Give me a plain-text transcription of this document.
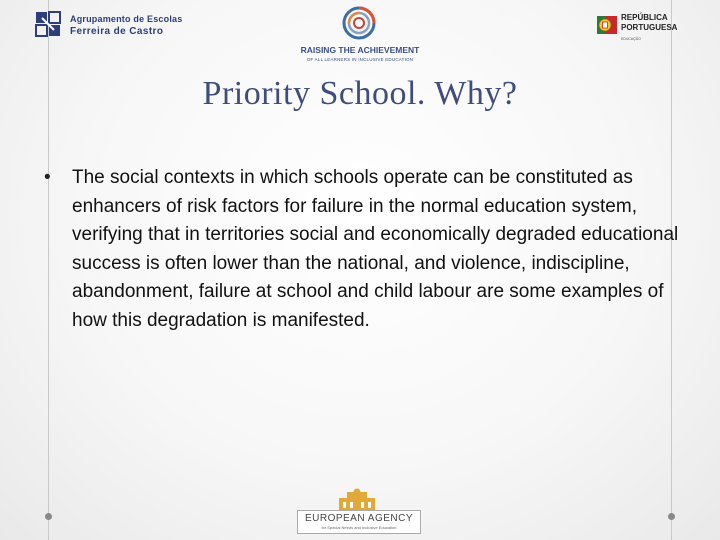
Agrupamento de Escolas
Ferreira de Castro
RAISING THE ACHIEVEMENT
OF ALL LEARNERS IN INCLUSIVE EDUCATION
REPÚBLICA
PORTUGUESA
EDUCAÇÃO
Priority School. Why?
• The social contexts in which schools operate can be constituted as enhancers of risk factors for failure in the normal education system, verifying that in territories social and economically degraded educational success is often lower than the national, and violence, indiscipline, abandonment, failure at school and child labour are some examples of how this degradation is manifested.
EUROPEAN AGENCY
for Special Needs and Inclusive Education
